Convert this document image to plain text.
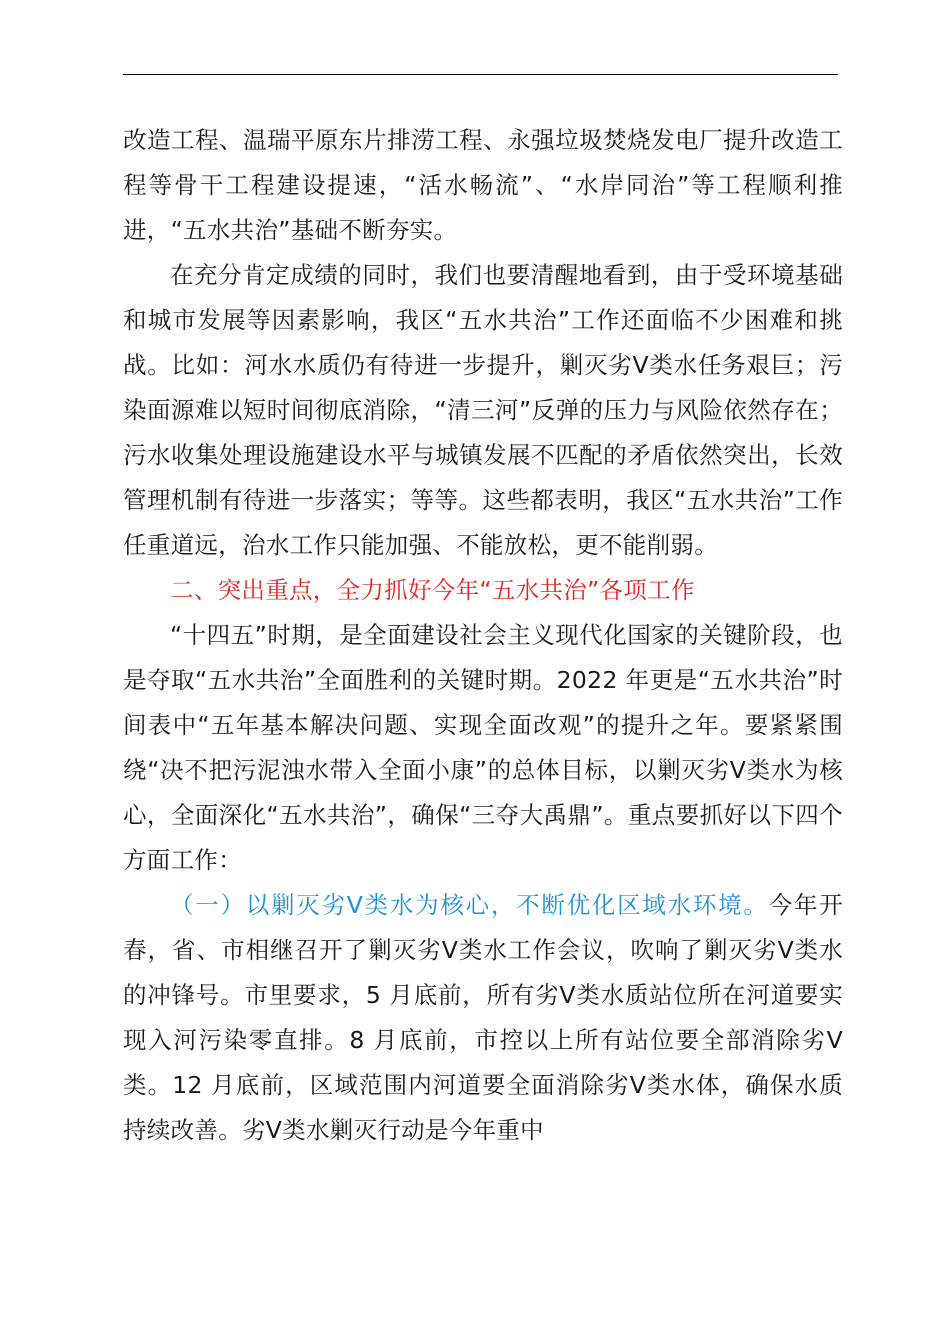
改造工程、温瑞平原东片排涝工程、永强垃圾焚烧发电厂提升改造工程等骨干工程建设提速，“活水畅流”、“水岸同治”等工程顺利推进，“五水共治”基础不断夯实。

在充分肯定成绩的同时，我们也要清醒地看到，由于受环境基础和城市发展等因素影响，我区“五水共治”工作还面临不少困难和挑战。比如：河水水质仍有待进一步提升，剿灭劣V类水任务艰巨；污染面源难以短时间彻底消除，“清三河”反弹的压力与风险依然存在；污水收集处理设施建设水平与城镇发展不匹配的矛盾依然突出，长效管理机制有待进一步落实；等等。这些都表明，我区“五水共治”工作任重道远，治水工作只能加强、不能放松，更不能削弱。

二、突出重点，全力抓好今年“五水共治”各项工作

“十四五”时期，是全面建设社会主义现代化国家的关键阶段，也是夺取“五水共治”全面胜利的关键时期。2022 年更是“五水共治”时间表中“五年基本解决问题、实现全面改观”的提升之年。要紧紧围绕“决不把污泥浊水带入全面小康”的总体目标，以剿灭劣V类水为核心，全面深化“五水共治”，确保“三夺大禹鼎”。重点要抓好以下四个方面工作：

（一）以剿灭劣V类水为核心，不断优化区域水环境。今年开春，省、市相继召开了剿灭劣Ⅴ类水工作会议，吹响了剿灭劣Ⅴ类水的冲锋号。市里要求，5 月底前，所有劣Ⅴ类水质站位所在河道要实现入河污染零直排。8 月底前，市控以上所有站位要全部消除劣Ⅴ类。12 月底前，区域范围内河道要全面消除劣V类水体，确保水质持续改善。劣V类水剿灭行动是今年重中
